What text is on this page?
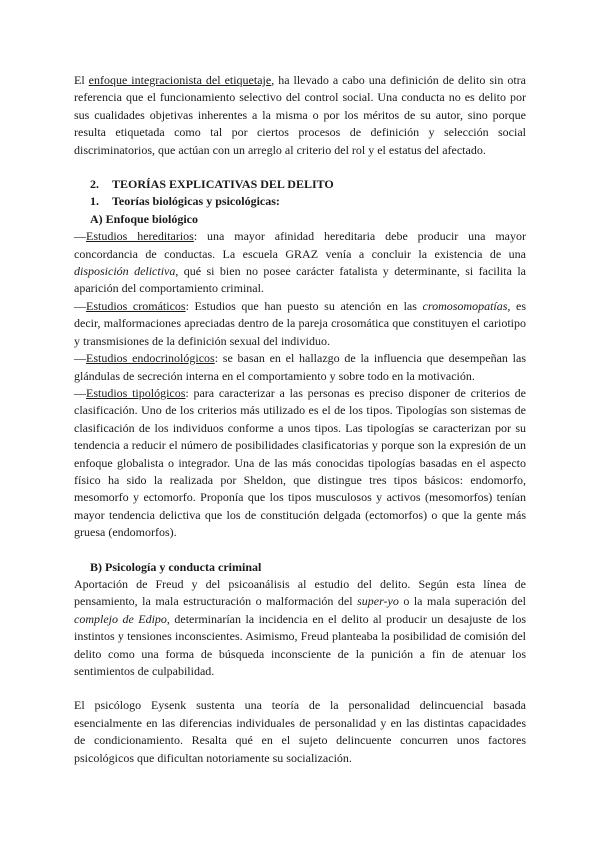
El enfoque integracionista del etiquetaje, ha llevado a cabo una definición de delito sin otra referencia que el funcionamiento selectivo del control social. Una conducta no es delito por sus cualidades objetivas inherentes a la misma o por los méritos de su autor, sino porque resulta etiquetada como tal por ciertos procesos de definición y selección social discriminatorios, que actúan con un arreglo al criterio del rol y el estatus del afectado.

2. TEORÍAS EXPLICATIVAS DEL DELITO
1. Teorías biológicas y psicológicas:
A) Enfoque biológico

—Estudios hereditarios: una mayor afinidad hereditaria debe producir una mayor concordancia de conductas. La escuela GRAZ venía a concluir la existencia de una disposición delictiva, qué si bien no posee carácter fatalista y determinante, si facilita la aparición del comportamiento criminal.

—Estudios cromáticos: Estudios que han puesto su atención en las cromosomopatías, es decir, malformaciones apreciadas dentro de la pareja crosomática que constituyen el cariotipo y transmisiones de la definición sexual del individuo.

—Estudios endocrinológicos: se basan en el hallazgo de la influencia que desempeñan las glándulas de secreción interna en el comportamiento y sobre todo en la motivación.

—Estudios tipológicos: para caracterizar a las personas es preciso disponer de criterios de clasificación. Uno de los criterios más utilizado es el de los tipos. Tipologías son sistemas de clasificación de los individuos conforme a unos tipos. Las tipologías se caracterizan por su tendencia a reducir el número de posibilidades clasificatorias y porque son la expresión de un enfoque globalista o integrador. Una de las más conocidas tipologías basadas en el aspecto físico ha sido la realizada por Sheldon, que distingue tres tipos básicos: endomorfo, mesomorfo y ectomorfo. Proponía que los tipos musculosos y activos (mesomorfos) tenían mayor tendencia delictiva que los de constitución delgada (ectomorfos) o que la gente más gruesa (endomorfos).

B) Psicología y conducta criminal

Aportación de Freud y del psicoanálisis al estudio del delito. Según esta línea de pensamiento, la mala estructuración o malformación del super-yo o la mala superación del complejo de Edipo, determinarían la incidencia en el delito al producir un desajuste de los instintos y tensiones inconscientes. Asimismo, Freud planteaba la posibilidad de comisión del delito como una forma de búsqueda inconsciente de la punición a fin de atenuar los sentimientos de culpabilidad.

El psicólogo Eysenk sustenta una teoría de la personalidad delincuencial basada esencialmente en las diferencias individuales de personalidad y en las distintas capacidades de condicionamiento. Resalta qué en el sujeto delincuente concurren unos factores psicológicos que dificultan notoriamente su socialización.
